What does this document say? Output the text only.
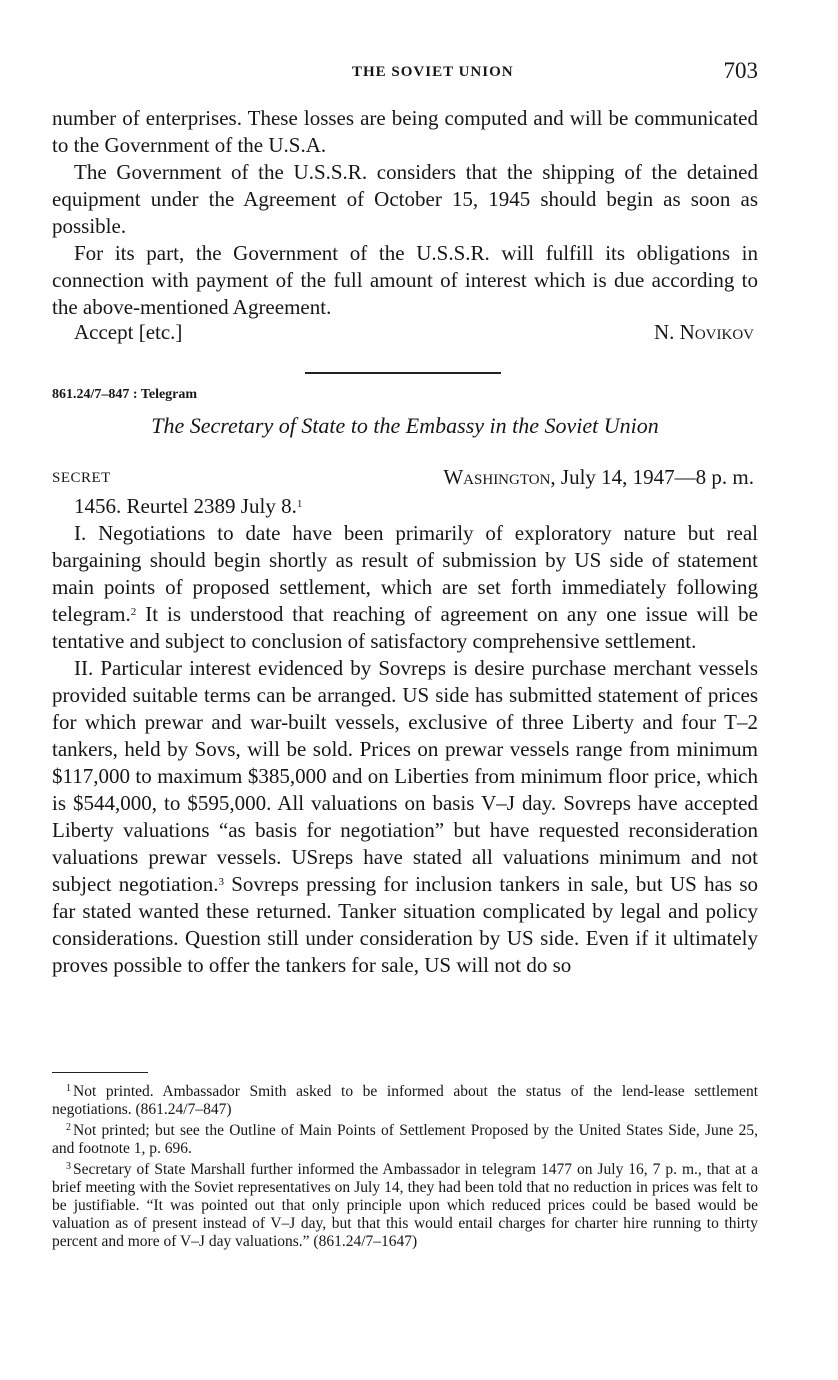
THE SOVIET UNION	703

number of enterprises. These losses are being computed and will be communicated to the Government of the U.S.A.

The Government of the U.S.S.R. considers that the shipping of the detained equipment under the Agreement of October 15, 1945 should begin as soon as possible.

For its part, the Government of the U.S.S.R. will fulfill its obligations in connection with payment of the full amount of interest which is due according to the above-mentioned Agreement.

Accept [etc.]	N. Novikov
861.24/7–847 : Telegram
The Secretary of State to the Embassy in the Soviet Union
SECRET	Washington, July 14, 1947—8 p. m.

1456. Reurtel 2389 July 8.$^1$

I. Negotiations to date have been primarily of exploratory nature but real bargaining should begin shortly as result of submission by US side of statement main points of proposed settlement, which are set forth immediately following telegram.$^2$ It is understood that reaching of agreement on any one issue will be tentative and subject to conclusion of satisfactory comprehensive settlement.

II. Particular interest evidenced by Sovreps is desire purchase merchant vessels provided suitable terms can be arranged. US side has submitted statement of prices for which prewar and war-built vessels, exclusive of three Liberty and four T–2 tankers, held by Sovs, will be sold. Prices on prewar vessels range from minimum $117,000 to maximum $385,000 and on Liberties from minimum floor price, which is $544,000, to $595,000. All valuations on basis V–J day. Sovreps have accepted Liberty valuations “as basis for negotiation” but have requested reconsideration valuations prewar vessels. USreps have stated all valuations minimum and not subject negotiation.$^3$ Sovreps pressing for inclusion tankers in sale, but US has so far stated wanted these returned. Tanker situation complicated by legal and policy considerations. Question still under consideration by US side. Even if it ultimately proves possible to offer the tankers for sale, US will not do so

$^1$ Not printed. Ambassador Smith asked to be informed about the status of the lend-lease settlement negotiations. (861.24/7–847)

$^2$ Not printed; but see the Outline of Main Points of Settlement Proposed by the United States Side, June 25, and footnote 1, p. 696.

$^3$ Secretary of State Marshall further informed the Ambassador in telegram 1477 on July 16, 7 p. m., that at a brief meeting with the Soviet representatives on July 14, they had been told that no reduction in prices was felt to be justifiable. “It was pointed out that only principle upon which reduced prices could be based would be valuation as of present instead of V–J day, but that this would entail charges for charter hire running to thirty percent and more of V–J day valuations.” (861.24/7–1647)
